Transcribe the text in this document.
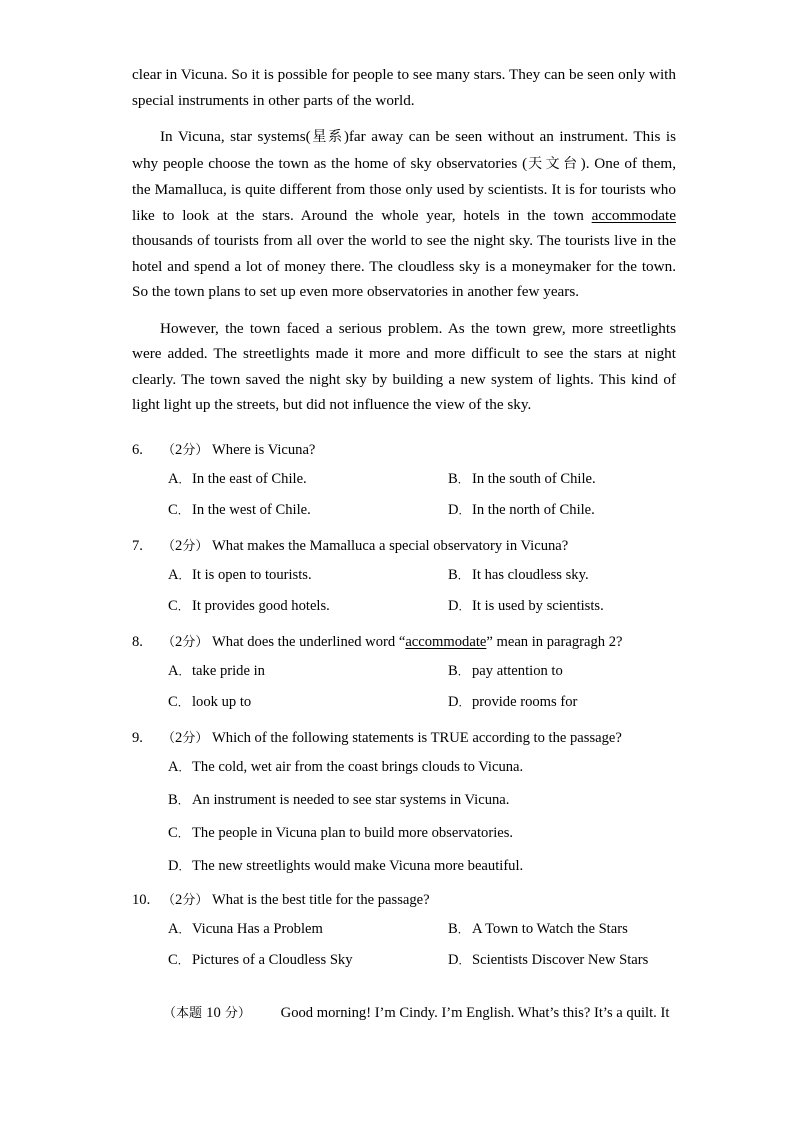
clear in Vicuna. So it is possible for people to see many stars. They can be seen only with special instruments in other parts of the world.

In Vicuna, star systems(星系)far away can be seen without an instrument. This is why people choose the town as the home of sky observatories (天文台). One of them, the Mamalluca, is quite different from those only used by scientists. It is for tourists who like to look at the stars. Around the whole year, hotels in the town accommodate thousands of tourists from all over the world to see the night sky. The tourists live in the hotel and spend a lot of money there. The cloudless sky is a moneymaker for the town. So the town plans to set up even more observatories in another few years.

However, the town faced a serious problem. As the town grew, more streetlights were added. The streetlights made it more and more difficult to see the stars at night clearly. The town saved the night sky by building a new system of lights. This kind of light light up the streets, but did not influence the view of the sky.

6. （2分） Where is Vicuna?
A． In the east of Chile.	B． In the south of Chile.
C． In the west of Chile.	D． In the north of Chile.
7. （2分） What makes the Mamalluca a special observatory in Vicuna?
A． It is open to tourists.	B． It has cloudless sky.
C． It provides good hotels.	D． It is used by scientists.
8. （2分） What does the underlined word “accommodate” mean in paragragh 2?
A． take pride in	B． pay attention to
C． look up to	D． provide rooms for
9. （2分） Which of the following statements is TRUE according to the passage?
A． The cold, wet air from the coast brings clouds to Vicuna.
B． An instrument is needed to see star systems in Vicuna.
C． The people in Vicuna plan to build more observatories.
D． The new streetlights would make Vicuna more beautiful.
10. （2分） What is the best title for the passage?
A． Vicuna Has a Problem	B． A Town to Watch the Stars
C． Pictures of a Cloudless Sky	D． Scientists Discover New Stars
（本题 10 分） Good morning! I’m Cindy. I’m English. What’s this? It’s a quilt. It
